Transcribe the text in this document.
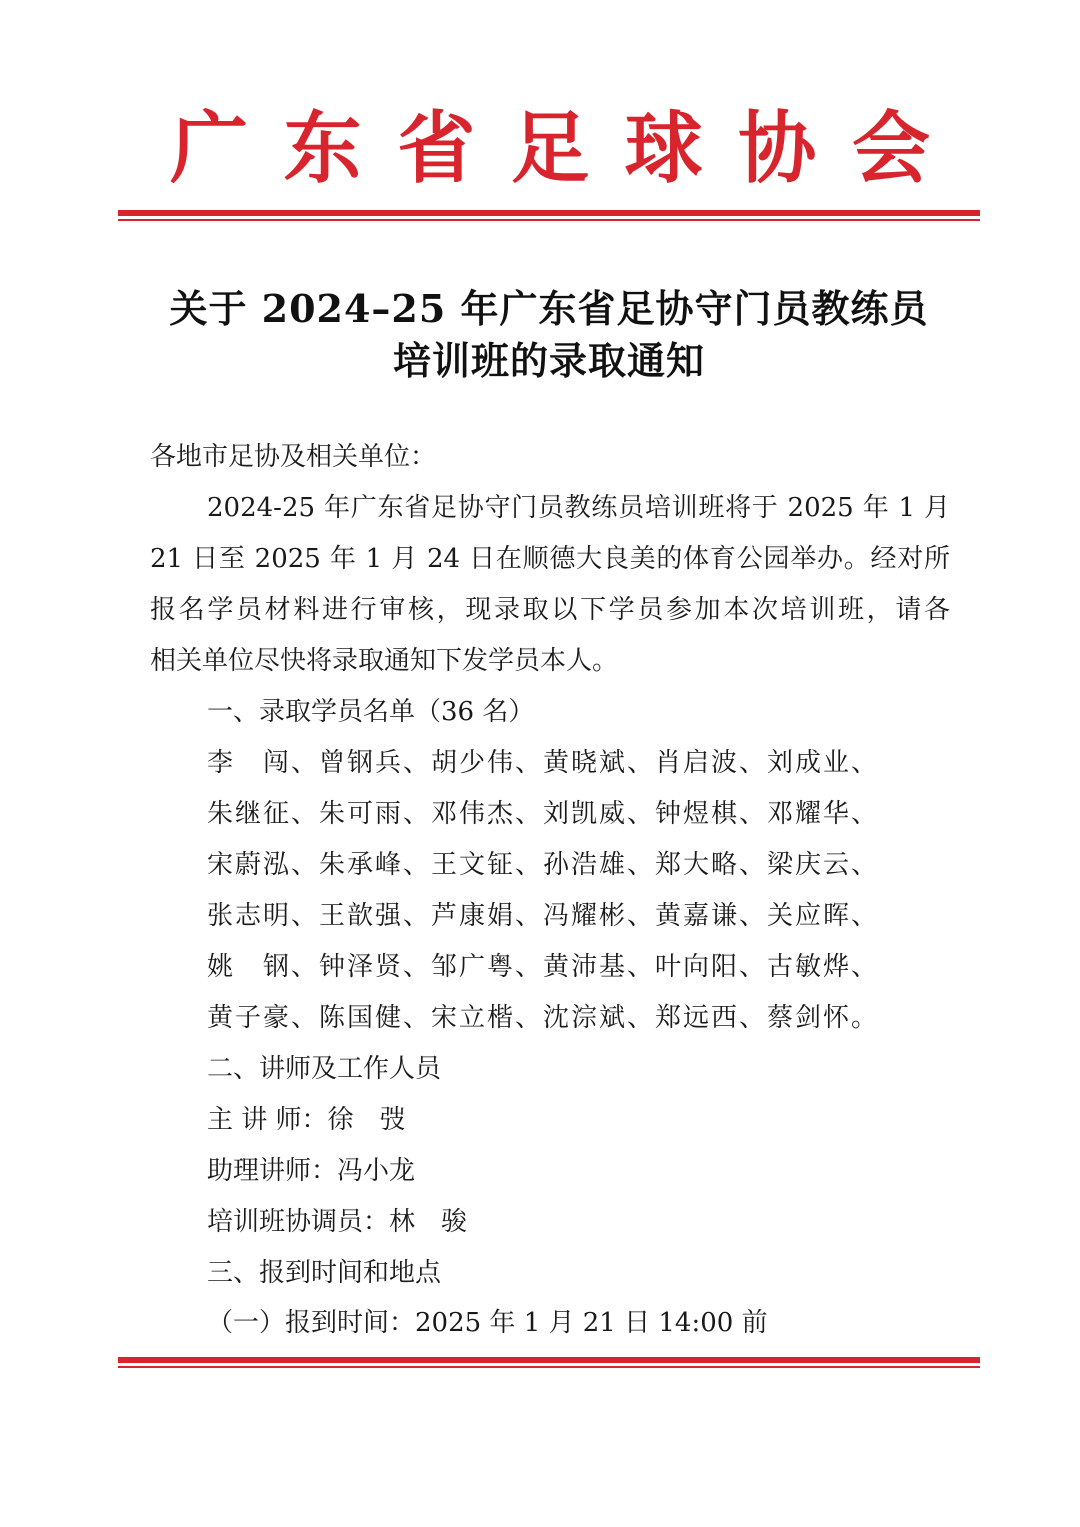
广 东 省 足 球 协 会
关于 2024–25 年广东省足协守门员教练员
培训班的录取通知
各地市足协及相关单位：
2024-25 年广东省足协守门员教练员培训班将于 2025 年 1 月
21 日至 2025 年 1 月 24 日在顺德大良美的体育公园举办。经对所
报名学员材料进行审核，现录取以下学员参加本次培训班，请各
相关单位尽快将录取通知下发学员本人。
一、录取学员名单（36 名）
李　闯、曾钢兵、胡少伟、黄晓斌、肖启波、刘成业、
朱继征、朱可雨、邓伟杰、刘凯威、钟煜棋、邓耀华、
宋蔚泓、朱承峰、王文钲、孙浩雄、郑大略、梁庆云、
张志明、王歆强、芦康娟、冯耀彬、黄嘉谦、关应晖、
姚　钢、钟泽贤、邹广粤、黄沛基、叶向阳、古敏烨、
黄子豪、陈国健、宋立楷、沈淙斌、郑远西、蔡剑怀。
二、讲师及工作人员
主 讲 师：徐　弢
助理讲师：冯小龙
培训班协调员：林　骏
三、报到时间和地点
（一）报到时间：2025 年 1 月 21 日 14:00 前
